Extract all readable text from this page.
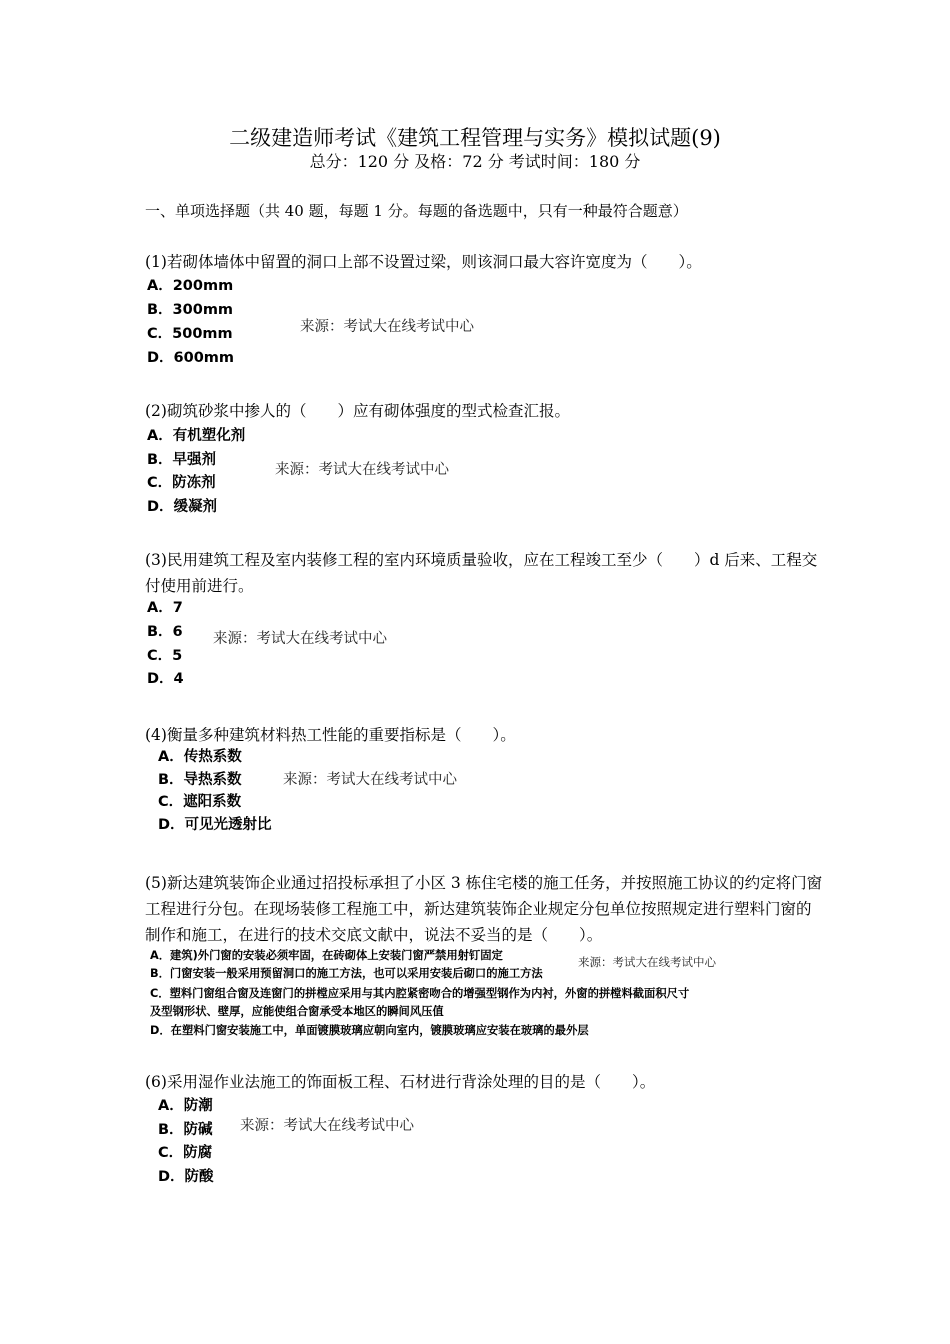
二级建造师考试《建筑工程管理与实务》模拟试题(9)
总分：120 分 及格：72 分 考试时间：180 分
一、单项选择题（共 40 题，每题 1 分。每题的备选题中，只有一种最符合题意）
(1)若砌体墙体中留置的洞口上部不设置过梁，则该洞口最大容许宽度为（　　）。
A．200mm
B．300mm
C．500mm
D．600mm
来源：考试大在线考试中心
(2)砌筑砂浆中掺人的（　　）应有砌体强度的型式检查汇报。
A．有机塑化剂
B．早强剂
C．防冻剂
D．缓凝剂
来源：考试大在线考试中心
(3)民用建筑工程及室内装修工程的室内环境质量验收，应在工程竣工至少（　　）d 后来、工程交付使用前进行。
A．7
B．6
C．5
D．4
来源：考试大在线考试中心
(4)衡量多种建筑材料热工性能的重要指标是（　　）。
A．传热系数
B．导热系数
C．遮阳系数
D．可见光透射比
来源：考试大在线考试中心
(5)新达建筑装饰企业通过招投标承担了小区 3 栋住宅楼的施工任务，并按照施工协议的约定将门窗工程进行分包。在现场装修工程施工中，新达建筑装饰企业规定分包单位按照规定进行塑料门窗的制作和施工，在进行的技术交底文献中，说法不妥当的是（　　）。
A．建筑)外门窗的安装必须牢固，在砖砌体上安装门窗严禁用射钉固定
B．门窗安装一般采用预留洞口的施工方法，也可以采用安装后砌口的施工方法
C．塑料门窗组合窗及连窗门的拼樘应采用与其内腔紧密吻合的增强型钢作为内衬，外窗的拼樘料截面积尺寸
及型钢形状、壁厚，应能使组合窗承受本地区的瞬间风压值
D．在塑料门窗安装施工中，单面镀膜玻璃应朝向室内，镀膜玻璃应安装在玻璃的最外层
来源：考试大在线考试中心
(6)采用湿作业法施工的饰面板工程、石材进行背涂处理的目的是（　　）。
A．防潮
B．防碱
C．防腐
D．防酸
来源：考试大在线考试中心
